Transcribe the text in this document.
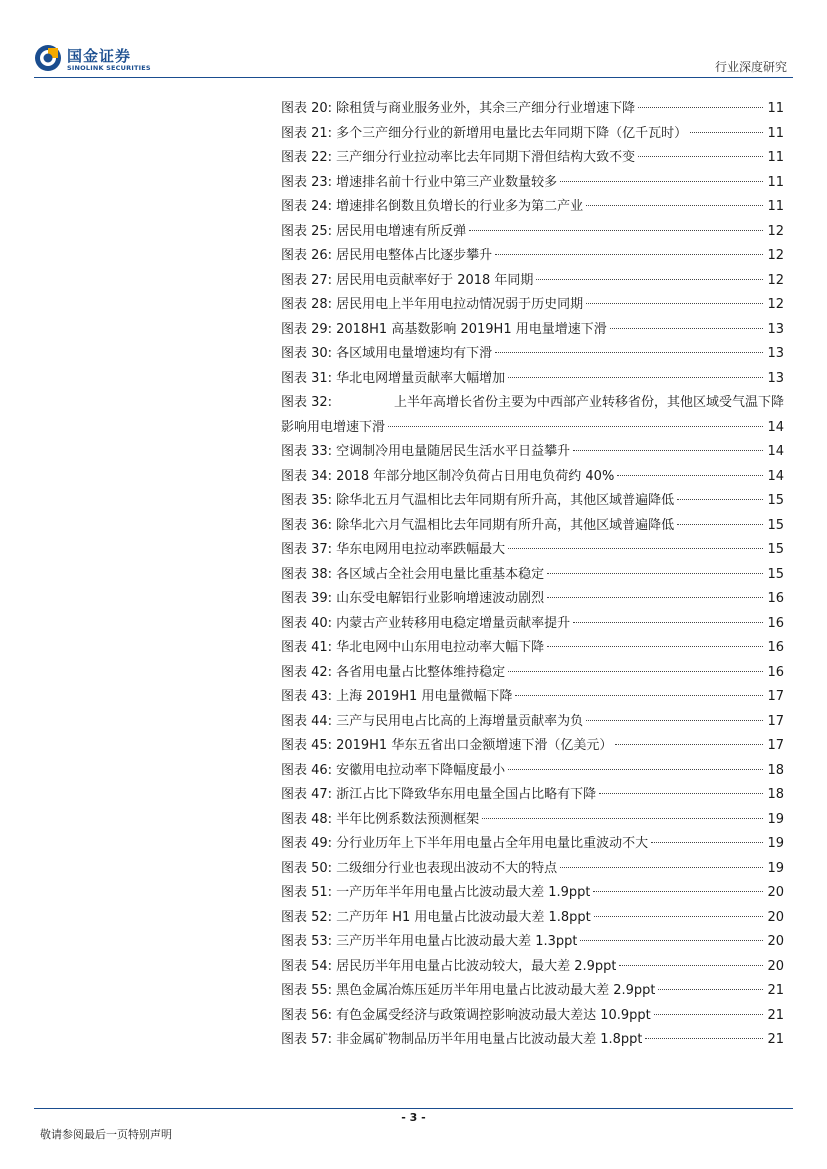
国金证券
SINOLINK SECURITIES	行业深度研究
图表 20: 除租赁与商业服务业外，其余三产细分行业增速下降	11
图表 21: 多个三产细分行业的新增用电量比去年同期下降（亿千瓦时）	11
图表 22: 三产细分行业拉动率比去年同期下滑但结构大致不变	11
图表 23: 增速排名前十行业中第三产业数量较多	11
图表 24: 增速排名倒数且负增长的行业多为第二产业	11
图表 25: 居民用电增速有所反弹	12
图表 26: 居民用电整体占比逐步攀升	12
图表 27: 居民用电贡献率好于 2018 年同期	12
图表 28: 居民用电上半年用电拉动情况弱于历史同期	12
图表 29: 2018H1 高基数影响 2019H1 用电量增速下滑	13
图表 30: 各区域用电量增速均有下滑	13
图表 31: 华北电网增量贡献率大幅增加	13
图表 32:	上半年高增长省份主要为中西部产业转移省份，其他区域受气温下降
影响用电增速下滑	14
图表 33: 空调制冷用电量随居民生活水平日益攀升	14
图表 34: 2018 年部分地区制冷负荷占日用电负荷约 40%	14
图表 35: 除华北五月气温相比去年同期有所升高，其他区域普遍降低	15
图表 36: 除华北六月气温相比去年同期有所升高，其他区域普遍降低	15
图表 37: 华东电网用电拉动率跌幅最大	15
图表 38: 各区域占全社会用电量比重基本稳定	15
图表 39: 山东受电解铝行业影响增速波动剧烈	16
图表 40: 内蒙古产业转移用电稳定增量贡献率提升	16
图表 41: 华北电网中山东用电拉动率大幅下降	16
图表 42: 各省用电量占比整体维持稳定	16
图表 43: 上海 2019H1 用电量微幅下降	17
图表 44: 三产与民用电占比高的上海增量贡献率为负	17
图表 45: 2019H1 华东五省出口金额增速下滑（亿美元）	17
图表 46: 安徽用电拉动率下降幅度最小	18
图表 47: 浙江占比下降致华东用电量全国占比略有下降	18
图表 48: 半年比例系数法预测框架	19
图表 49: 分行业历年上下半年用电量占全年用电量比重波动不大	19
图表 50: 二级细分行业也表现出波动不大的特点	19
图表 51: 一产历年半年用电量占比波动最大差 1.9ppt	20
图表 52: 二产历年 H1 用电量占比波动最大差 1.8ppt	20
图表 53: 三产历半年用电量占比波动最大差 1.3ppt	20
图表 54: 居民历半年用电量占比波动较大，最大差 2.9ppt	20
图表 55: 黑色金属冶炼压延历半年用电量占比波动最大差 2.9ppt	21
图表 56: 有色金属受经济与政策调控影响波动最大差达 10.9ppt	21
图表 57: 非金属矿物制品历半年用电量占比波动最大差 1.8ppt	21
- 3 -
敬请参阅最后一页特别声明
